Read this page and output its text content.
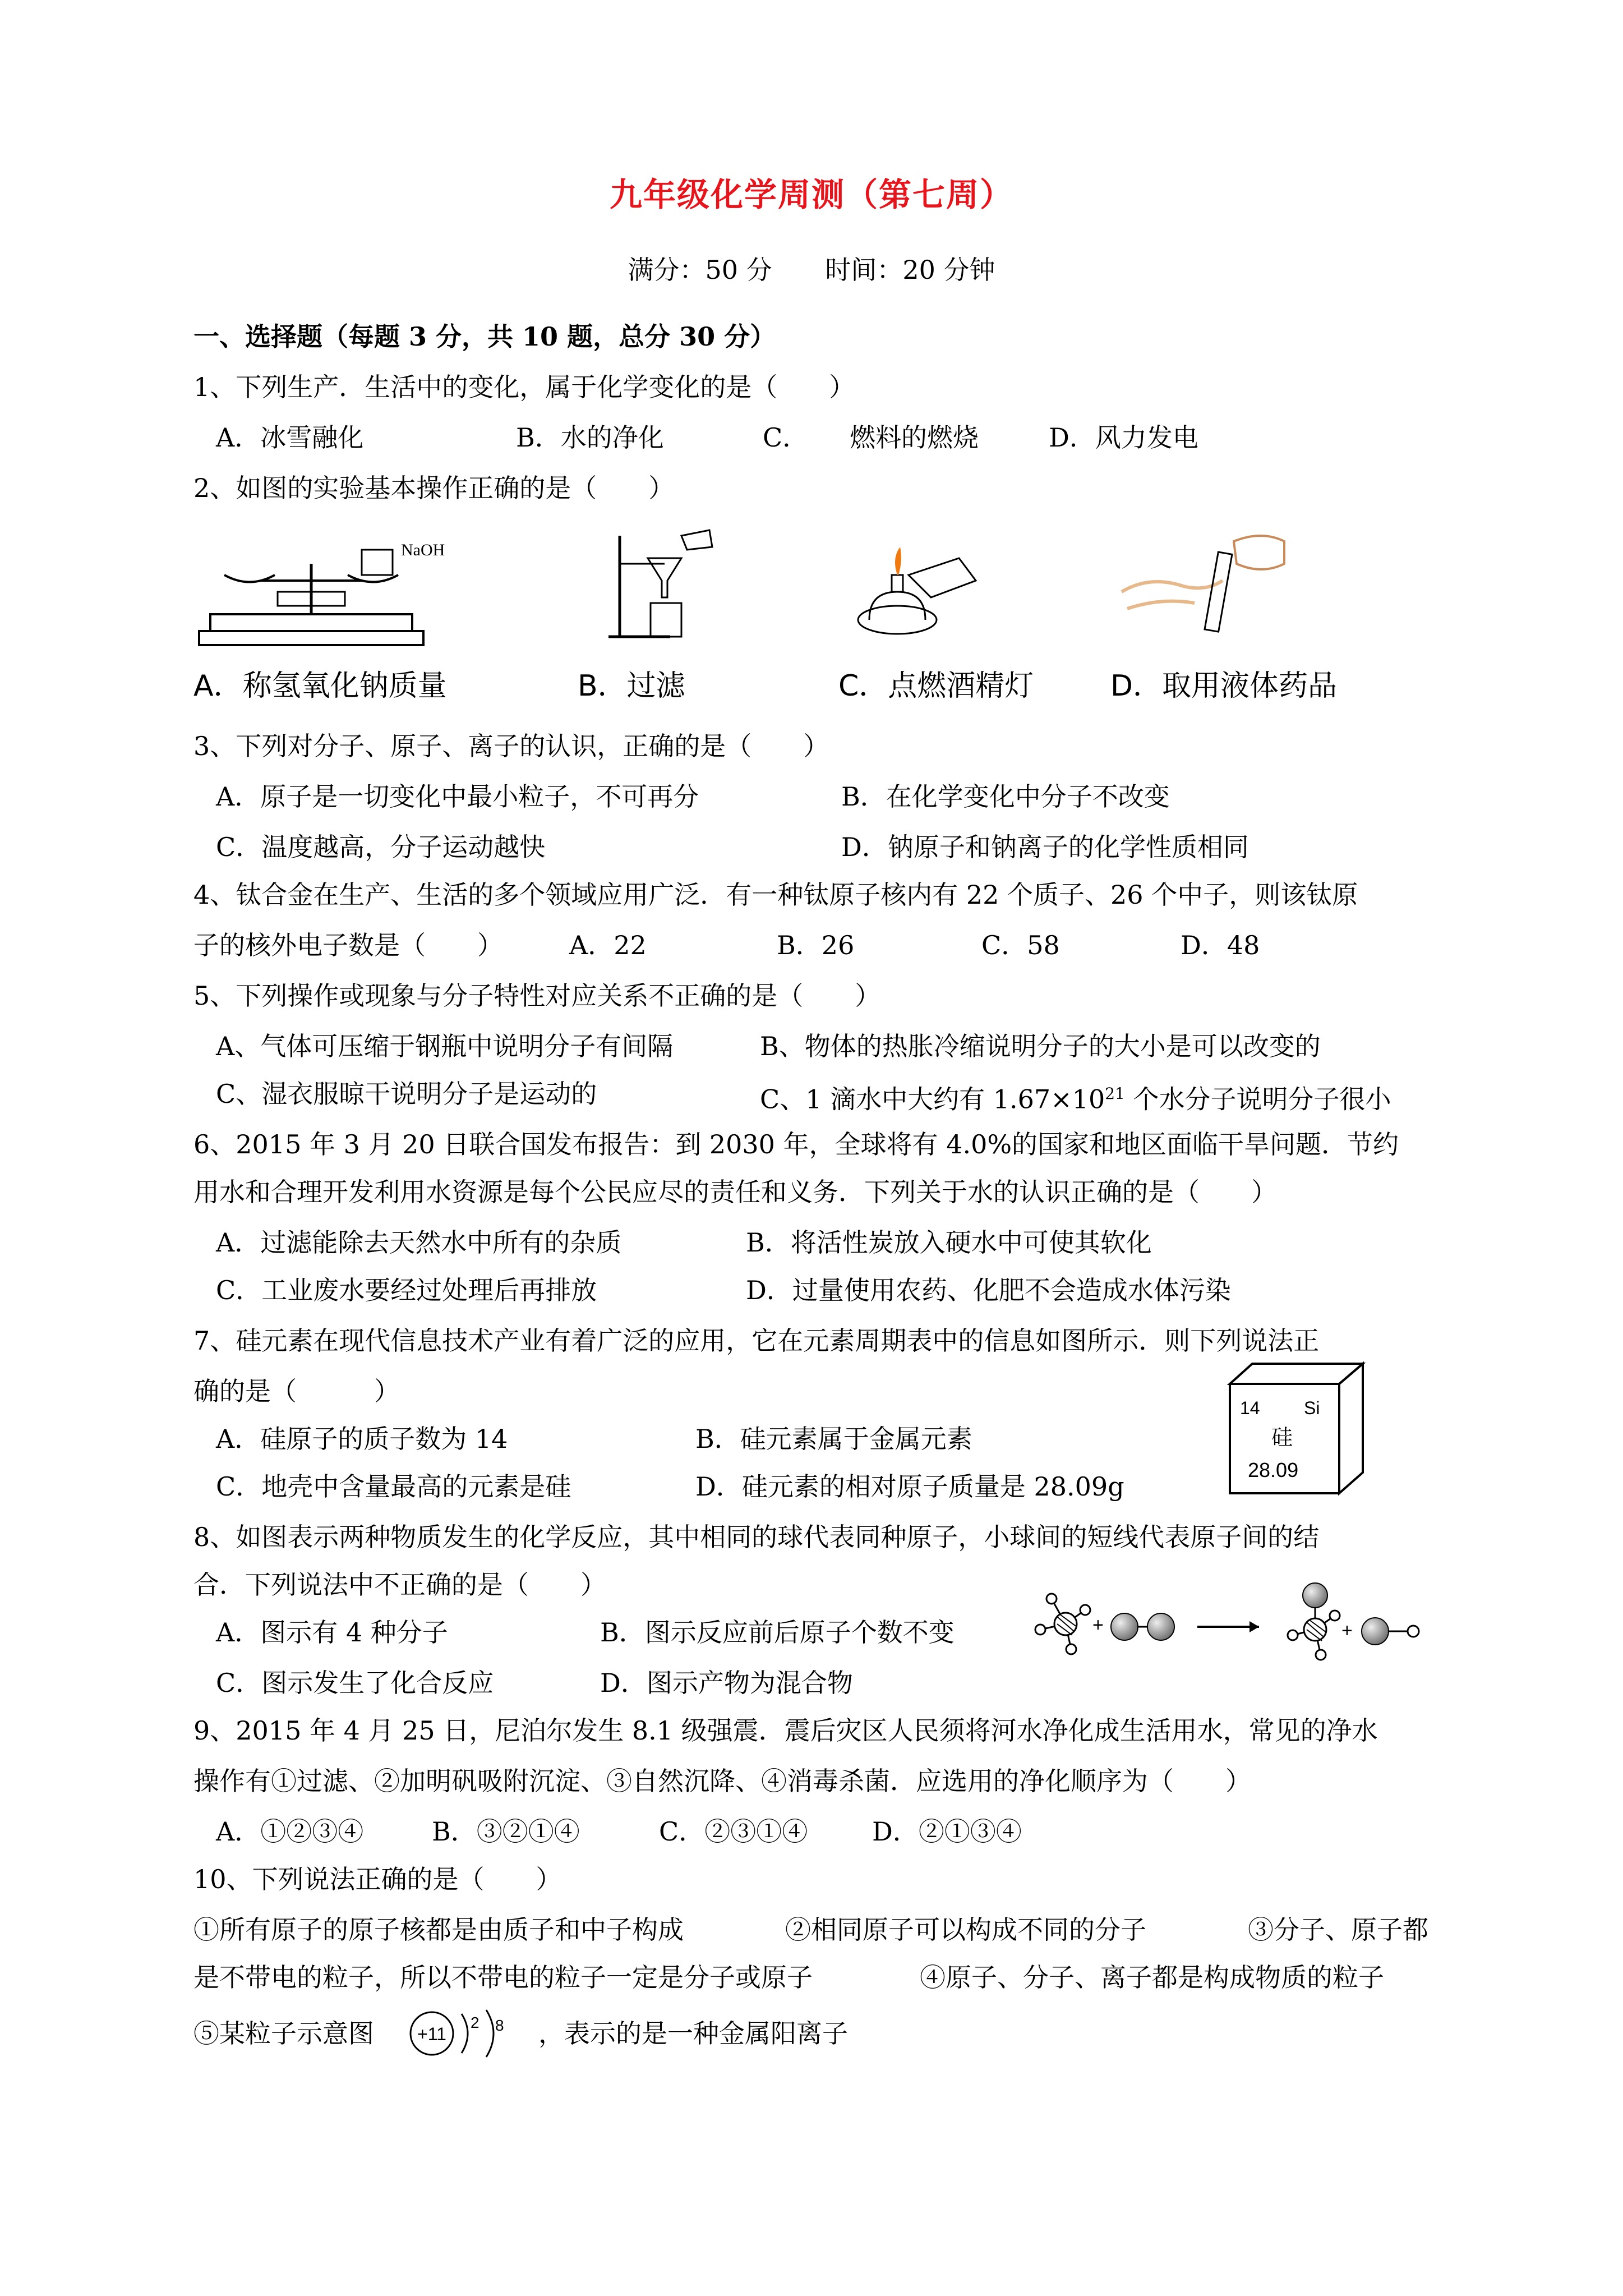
九年级化学周测（第七周）
满分：50 分 时间：20 分钟
一、选择题（每题 3 分，共 10 题，总分 30 分）
1、下列生产．生活中的变化，属于化学变化的是（　　）
A．冰雪融化	B．水的净化	C． 燃料的燃烧	D．风力发电
2、如图的实验基本操作正确的是（　　）
NaOH
A．称氢氧化钠质量	B．过滤	C．点燃酒精灯	D．取用液体药品
3、下列对分子、原子、离子的认识，正确的是（　　）
A．原子是一切变化中最小粒子，不可再分	B．在化学变化中分子不改变
C．温度越高，分子运动越快	D．钠原子和钠离子的化学性质相同
4、钛合金在生产、生活的多个领域应用广泛．有一种钛原子核内有 22 个质子、26 个中子，则该钛原
子的核外电子数是（　　）	A．22	B．26	C．58	D．48
5、下列操作或现象与分子特性对应关系不正确的是（　　）
A、气体可压缩于钢瓶中说明分子有间隔	B、物体的热胀冷缩说明分子的大小是可以改变的
C、湿衣服晾干说明分子是运动的	C、1 滴水中大约有 $1.67\times 10^{21}$ 个水分子说明分子很小
6、2015 年 3 月 20 日联合国发布报告：到 2030 年，全球将有 4.0%的国家和地区面临干旱问题．节约
用水和合理开发利用水资源是每个公民应尽的责任和义务．下列关于水的认识正确的是（　　）
A．过滤能除去天然水中所有的杂质	B．将活性炭放入硬水中可使其软化
C．工业废水要经过处理后再排放	D．过量使用农药、化肥不会造成水体污染
7、硅元素在现代信息技术产业有着广泛的应用，它在元素周期表中的信息如图所示．则下列说法正
确的是（　　　）
A．硅原子的质子数为 14	B．硅元素属于金属元素
C．地壳中含量最高的元素是硅	D．硅元素的相对原子质量是 28.09g
14 Si
硅
28.09
8、如图表示两种物质发生的化学反应，其中相同的球代表同种原子，小球间的短线代表原子间的结
合．下列说法中不正确的是（　　）
A．图示有 4 种分子	B．图示反应前后原子个数不变
C．图示发生了化合反应	D．图示产物为混合物
+	+
9、2015 年 4 月 25 日，尼泊尔发生 8.1 级强震．震后灾区人民须将河水净化成生活用水，常见的净水
操作有①过滤、②加明矾吸附沉淀、③自然沉降、④消毒杀菌．应选用的净化顺序为（　　）
A．①②③④	B．③②①④	C．②③①④ D．②①③④
10、下列说法正确的是（　　）
①所有原子的原子核都是由质子和中子构成	②相同原子可以构成不同的分子	③分子、原子都
是不带电的粒子，所以不带电的粒子一定是分子或原子	④原子、分子、离子都是构成物质的粒子
⑤某粒子示意图 +11
2 8 ，表示的是一种金属阳离子
